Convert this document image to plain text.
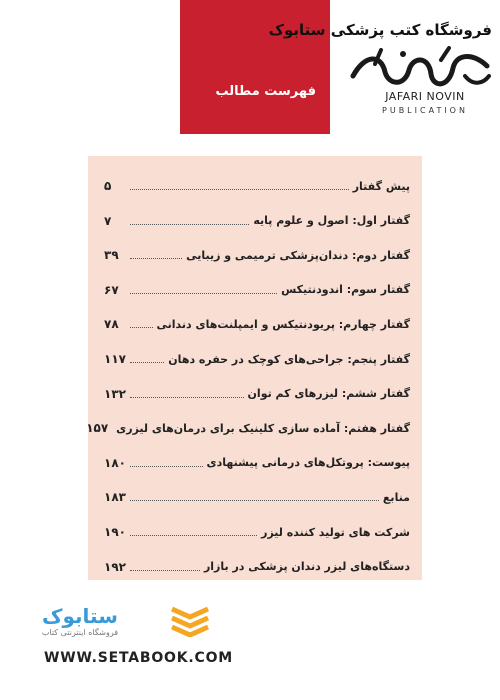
فهرست مطالب
فروشگاه کتب پزشکی ستابوک
JAFARI NOVIN
PUBLICATION
پیش گفتار
۵
گفتار اول: اصول و علوم پایه
۷
گفتار دوم: دندان‌پزشکی ترمیمی و زیبایی
۳۹
گفتار سوم: اندودنتیکس
۶۷
گفتار چهارم: پریودنتیکس و ایمپلنت‌های دندانی
۷۸
گفتار پنجم: جراحی‌های کوچک در حفره دهان
۱۱۷
گفتار ششم: لیزرهای کم توان
۱۳۲
گفتار هفتم: آماده سازی کلینیک برای درمان‌های لیزری
۱۵۷
پیوست: پروتکل‌های درمانی پیشنهادی
۱۸۰
منابع
۱۸۳
شرکت های تولید کننده لیزر
۱۹۰
دستگاه‌های لیزر دندان پزشکی در بازار
۱۹۲
ستابوک
فروشگاه اینترنتی کتاب
WWW.SETABOOK.COM
